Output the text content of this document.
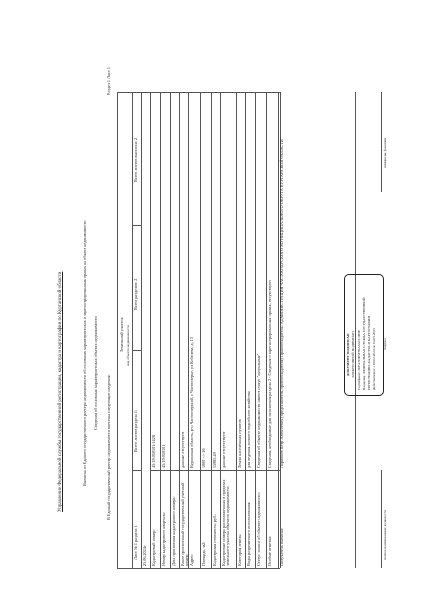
Управление Федеральной службы государственной регистрации, кадастра и картографии по Курганской области	Выписка из Единого государственного реестра недвижимости об основных характеристиках и зарегистрированных правах на объект недвижимости Сведения об основных характеристиках объекта недвижимости
В Единый государственный реестр недвижимости внесены следующие сведения:
Раздел 1 Лист 1
Земельный участок вид объекта недвижимости
Лист № 1 раздела 1
Всего листов раздела 1:
Всего разделов: 2
Всего листов выписки: 2
25.06.2024г Кадастровый номер:
45:19:050101:1428
Номер кадастрового квартала:
45:19:050101
Дата присвоения кадастрового номера: Ранее присвоенный государственный учетный номер:
данные отсутствуют
Адрес:
Курганская область, р-н Частоозерский, с Частоозерье, ул Кобелева, д. 13
Площадь, м2:
1000 +/- 16
Кадастровая стоимость, руб.:
15985.49
Кадастровые номера расположенных в пределах земельного участка объектов недвижимости:
данные отсутствуют
Категория земель:
Земли населённых пунктов
Виды разрешенного использования:
для ведения личного подсобного хозяйства
Статус записи об объекте недвижимости:
Сведения об объекте недвижимости имеют статус "актуальные"
Особые отметки:
Сведения, необходимые для заполнения раздела 2 - Сведения о зарегистрированных правах, отсутствуют
Получатель выписки:
Ларионов Петр Алексеевич (представитель правообладателя) Правообладатель: АДМИНИСТРАЦИЯ ЧАСТООЗЕРСКОГО МУНИЦИПАЛЬНОГО ОКРУГА КУРГАНСКОЙ ОБЛАСТИ
полное наименование должности
подпись
инициалы, фамилия
ДОКУМЕНТ ПОДПИСАН ЭЛЕКТРОННОЙ ПОДПИСЬЮ Сертификат: 00FA7DB5F88A8A1C1B9E Владелец: ФЕДЕРАЛЬНАЯ СЛУЖБА ГОСУДАРСТВЕННОЙ РЕГИСТРАЦИИ, КАДАСТРА И КАРТОГРАФИИ Действителен: с 09.02.2024 по 04.05.2025
